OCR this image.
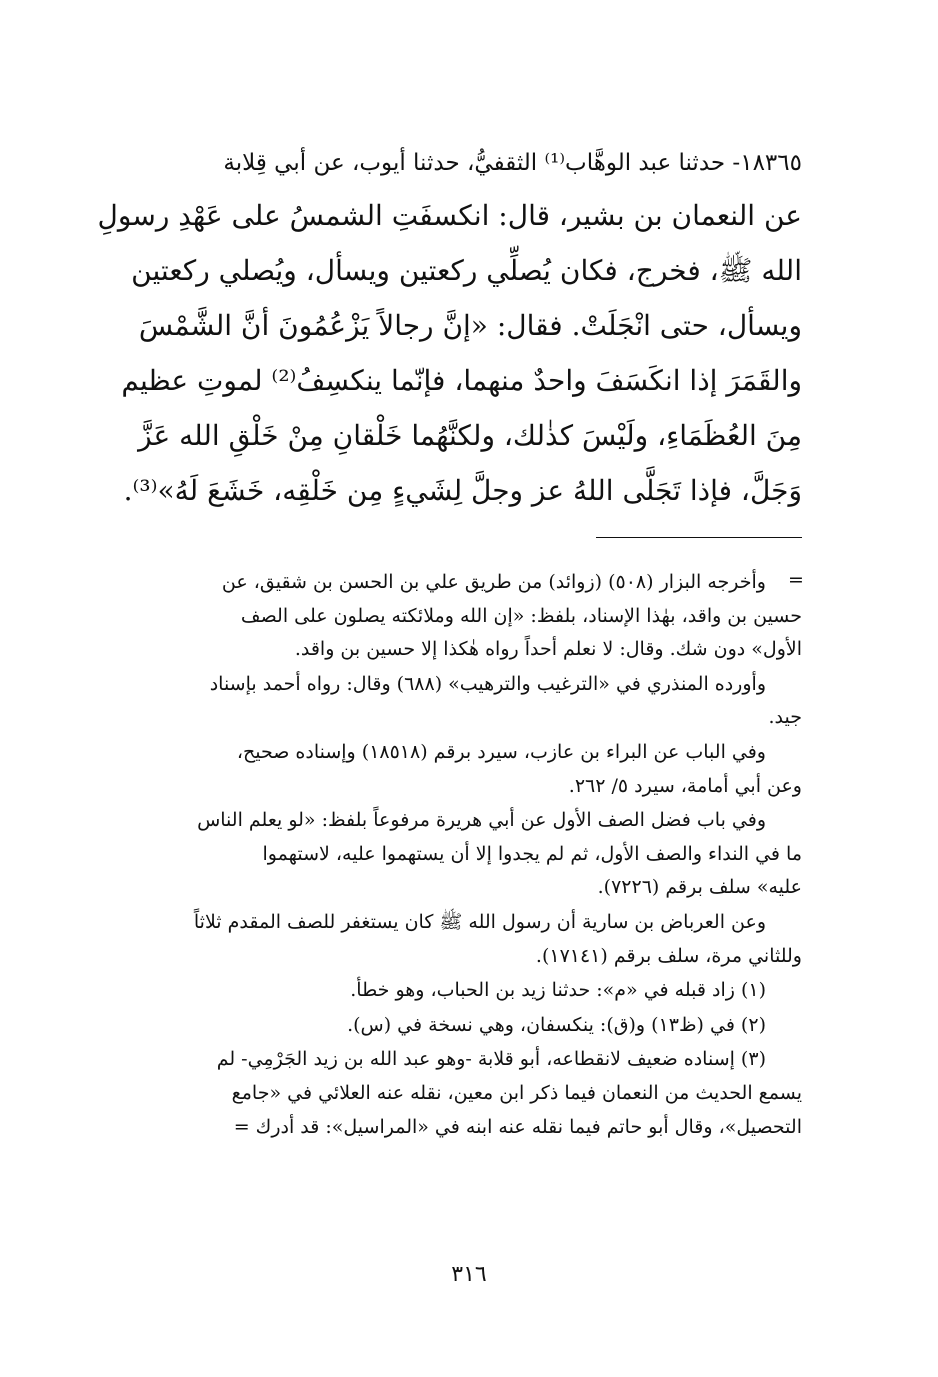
١٨٣٦٥- حدثنا عبد الوهَّاب⁽¹⁾ الثقفيُّ، حدثنا أيوب، عن أبي قِلابة
عن النعمان بن بشير، قال: انكسفَتِ الشمسُ على عَهْدِ رسولِ
الله ﷺ، فخرج، فكان يُصلِّي ركعتين ويسأل، ويُصلي ركعتين
ويسأل، حتى انْجَلَتْ. فقال: «إنَّ رجالاً يَزْعُمُونَ أنَّ الشَّمْسَ
والقَمَرَ إذا انكَسَفَ واحدٌ منهما، فإنّما ينكسِفُ⁽²⁾ لموتِ عظيم
مِنَ العُظَمَاءِ، ولَيْسَ كذٰلك، ولكنَّهُما خَلْقانِ مِنْ خَلْقِ الله عَزَّ
وَجَلَّ، فإذا تَجَلَّى اللهُ عز وجلَّ لِشَيءٍ مِن خَلْقِه، خَشَعَ لَهُ»⁽³⁾.
=
وأخرجه البزار (٥٠٨) (زوائد) من طريق علي بن الحسن بن شقيق، عن
حسين بن واقد، بهٰذا الإسناد، بلفظ: «إن الله وملائكته يصلون على الصف
الأول» دون شك. وقال: لا نعلم أحداً رواه هٰكذا إلا حسين بن واقد.
وأورده المنذري في «الترغيب والترهيب» (٦٨٨) وقال: رواه أحمد بإسناد
جيد.
وفي الباب عن البراء بن عازب، سيرد برقم (١٨٥١٨) وإسناده صحيح،
وعن أبي أمامة، سيرد ٥/ ٢٦٢.
وفي باب فضل الصف الأول عن أبي هريرة مرفوعاً بلفظ: «لو يعلم الناس
ما في النداء والصف الأول، ثم لم يجدوا إلا أن يستهموا عليه، لاستهموا
عليه» سلف برقم (٧٢٢٦).
وعن العرباض بن سارية أن رسول الله ﷺ كان يستغفر للصف المقدم ثلاثاً
وللثاني مرة، سلف برقم (١٧١٤١).
(١) زاد قبله في «م»: حدثنا زيد بن الحباب، وهو خطأ.
(٢) في (ظ١٣) و(ق): ينكسفان، وهي نسخة في (س).
(٣) إسناده ضعيف لانقطاعه، أبو قلابة -وهو عبد الله بن زيد الجَرْمِي- لم
يسمع الحديث من النعمان فيما ذكر ابن معين، نقله عنه العلائي في «جامع
التحصيل»، وقال أبو حاتم فيما نقله عنه ابنه في «المراسيل»: قد أدرك =
٣١٦
